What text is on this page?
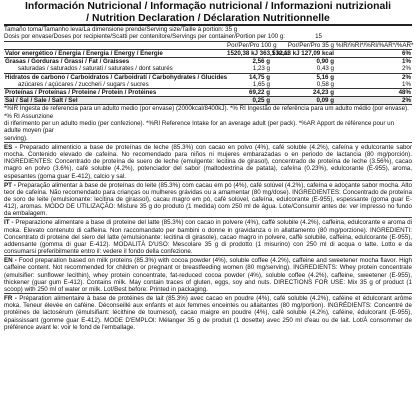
Información Nutricional / Informação nutricional / Informazioni nutrizionali
/ Nutrition Declaration / Déclaration Nutritionnelle
Tamaño toma/Tamanho leva/La dimensione prende/Serving size/Taille à portion: 35 g
Dosis por envase/Doses por recipiente/Scatti per contenitore/Servings per container/Portion per 100 g:	15
	Por/Per/Pro 100 g	Por/Per/Pro 35 g	%IR/%RI*/%RI/%AR*/%AR*

Valor energético / Energia / Energia / Energy / Énergie	1520,38 kJ 363,1 kcal	532,13 kJ 127,09 kcal	6%
Grasas / Gorduras / Grassi / Fat / Graisses	2,56 g	0,90 g	1%
saturadas / saturados / saturati / saturates / dont saturés	1,23 g	0,43 g	2%
Hidratos de carbono / Carboidratos / Carboidrati / Carbohydrates / Glucides	14,75 g	5,16 g	2%
azúcares / açúcares / zuccheri / sugars / sucres	1,65 g	0,58 g	1%
Proteínas / Proteínas / Proteine / Protein / Protéines	69,22 g	24,23 g	48%
Sal / Sal / Sale / Salt / Sel	0,25 g	0,09 g	2%
*%IR Ingesta de referencia para un adulto medio (por envase) (2000kcal/8400kJ). *% RI Ingestão de referência para um adulto médio (por envase). *% RI Assunzione
di riferimento per un adulto medio (per confezione). *%RI Reference Intake for an average adult (per pack). *%AR Apport de référence pour un adulte moyen (par
serving).

ES - Preparado alimenticio a base de proteínas de leche (85.3%) con cacao en polvo (4%), café soluble (4.2%), cafeína y edulcorante sabor mocha. Contenido elevado de cafeína. No recomendado para niños ni mujeres embarazadas o en periodo de lactancia (80 mg/porción). INGREDIENTES: Concentrado de proteína de suero de leche (emulgente: lecitina de girasol), concentrado de proteína de leche (3.56%), cacao magro en polvo (3.6%), café soluble (4.2%), potenciador del sabor (maltodextrina de patata), cafeína (0.23%), edulcorante (E-955), aroma, espesantes (goma guar E-412), calcio y sal.

PT - Preparação alimentar à base de proteínas do leite (85.3%) com cacau em pó (4%), café solúvel (4.2%), cafeína e adoçante sabor mocha. Alto teor de cafeína. Não recomendado para crianças ou mulheres grávidas ou a amamentar (80 mg/dose). INGREDIENTES: Concentrado de proteína de soro de leite (emulsionante: lecitina de girassol), cacau magro em pó, café solúvel, cafeína, edulcorante (E-955), espessante (goma guar E-412), aromas. MODO DE UTILIZAÇÃO: Misture 35 g do produto (1 medida) com 250 ml de água. Lote/Consumir antes de: ver impresso no fundo da embalagem.

IT - Preparazione alimentare a base di proteine del latte (85.3%) con cacao in polvere (4%), caffè solubile (4.2%), caffeina, edulcorante e aroma di moka. Elevato contenuto di caffeina. Non raccomandato per bambini o donne in gravidanza o in allattamento (80 mg/porzione). INGREDIENTI: Concentrato di proteine del siero del latte (emulsionante: lecitina di girasole), cacao magro in polvere, caffè solubile, caffeina, edulcorante (E-955), addensante (gomma di guar E-412). MODALITÀ D'USO: Mescolare 35 g di prodotto (1 misurino) con 250 ml di acqua o latte. Lotto e da consumarsi preferibilmente entro il: vedere il fondo della confezione.

EN - Food preparation based on milk proteins (85.3%) with cocoa powder (4%), soluble coffee (4.2%), caffeine and sweetener mocha flavor. High caffeine content. Not recommended for children or pregnant or breastfeeding women (80 mg/serving). INGREDIENTS: Whey protein concentrate (emulsifier: sunflower lecithin), whey protein concentrate, fat-reduced cocoa powder (4%), soluble coffee (4.2%), caffeine, sweetener (E-955), thickener (guar gum E-412). Contains milk. May contain traces of gluten, eggs, soy and nuts. DIRECTIONS FOR USE: Mix 35 g of product (1 scoop) with 250 ml of water or milk. Lot/Best before: Printed in packaging.

FR - Préparation alimentaire à base de protéines de lait (85.3%) avec cacao en poudre (4%), café soluble (4.2%), caféine et édulcorant arôme moka. Teneur élevée en caféine. Déconseillé aux enfants et aux femmes enceintes ou allaitantes (80 mg/portion). INGRÉDIENTS: Concentré de protéines de lactosérum (émulsifiant: lécithine de tournesol), cacao maigre en poudre (4%), café soluble (4.2%), caféine, édulcorant (E-955), épaississant (gomme guar E-412). MODE D'EMPLOI: Mélanger 35 g de produit (1 dosette) avec 250 ml d'eau ou de lait. Lot/À consommer de préférence avant le: voir le fond de l'emballage.
